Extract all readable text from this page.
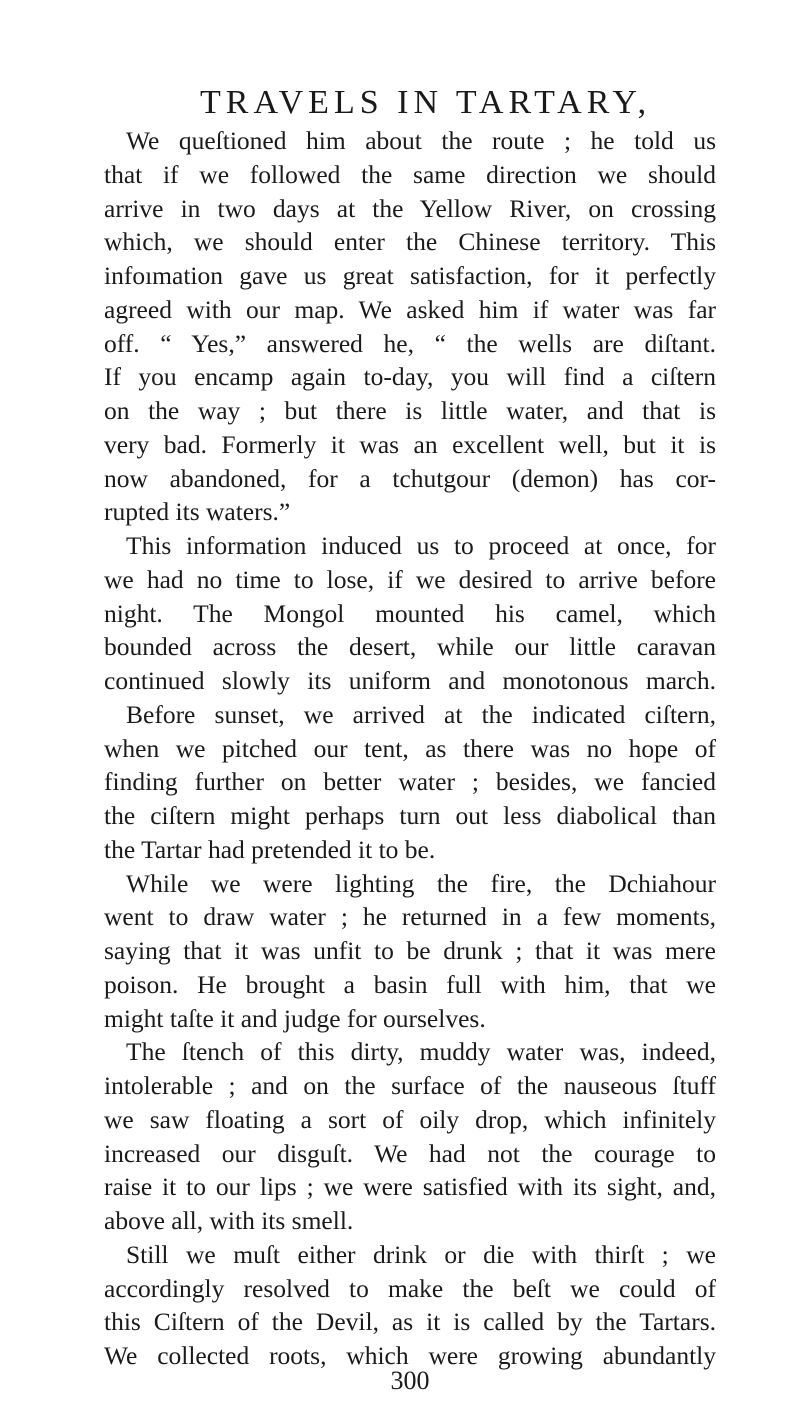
TRAVELS IN TARTARY,
We queſtioned him about the route ; he told us
that if we followed the same direction we should
arrive in two days at the Yellow River, on crossing
which, we should enter the Chinese territory. This
infoımation gave us great satisfaction, for it perfectly
agreed with our map. We asked him if water was far
off. “ Yes,” answered he, “ the wells are diſtant.
If you encamp again to-day, you will find a ciſtern
on the way ; but there is little water, and that is
very bad. Formerly it was an excellent well, but it is
now abandoned, for a tchutgour (demon) has cor-
rupted its waters.”
This information induced us to proceed at once, for
we had no time to lose, if we desired to arrive before
night. The Mongol mounted his camel, which
bounded across the desert, while our little caravan
continued slowly its uniform and monotonous march.
Before sunset, we arrived at the indicated ciſtern,
when we pitched our tent, as there was no hope of
finding further on better water ; besides, we fancied
the ciſtern might perhaps turn out less diabolical than
the Tartar had pretended it to be.
While we were lighting the fire, the Dchiahour
went to draw water ; he returned in a few moments,
saying that it was unfit to be drunk ; that it was mere
poison. He brought a basin full with him, that we
might taſte it and judge for ourselves.
The ſtench of this dirty, muddy water was, indeed,
intolerable ; and on the surface of the nauseous ſtuff
we saw floating a sort of oily drop, which infinitely
increased our disguſt. We had not the courage to
raise it to our lips ; we were satisfied with its sight, and,
above all, with its smell.
Still we muſt either drink or die with thirſt ; we
accordingly resolved to make the beſt we could of
this Ciſtern of the Devil, as it is called by the Tartars.
We collected roots, which were growing abundantly
300
